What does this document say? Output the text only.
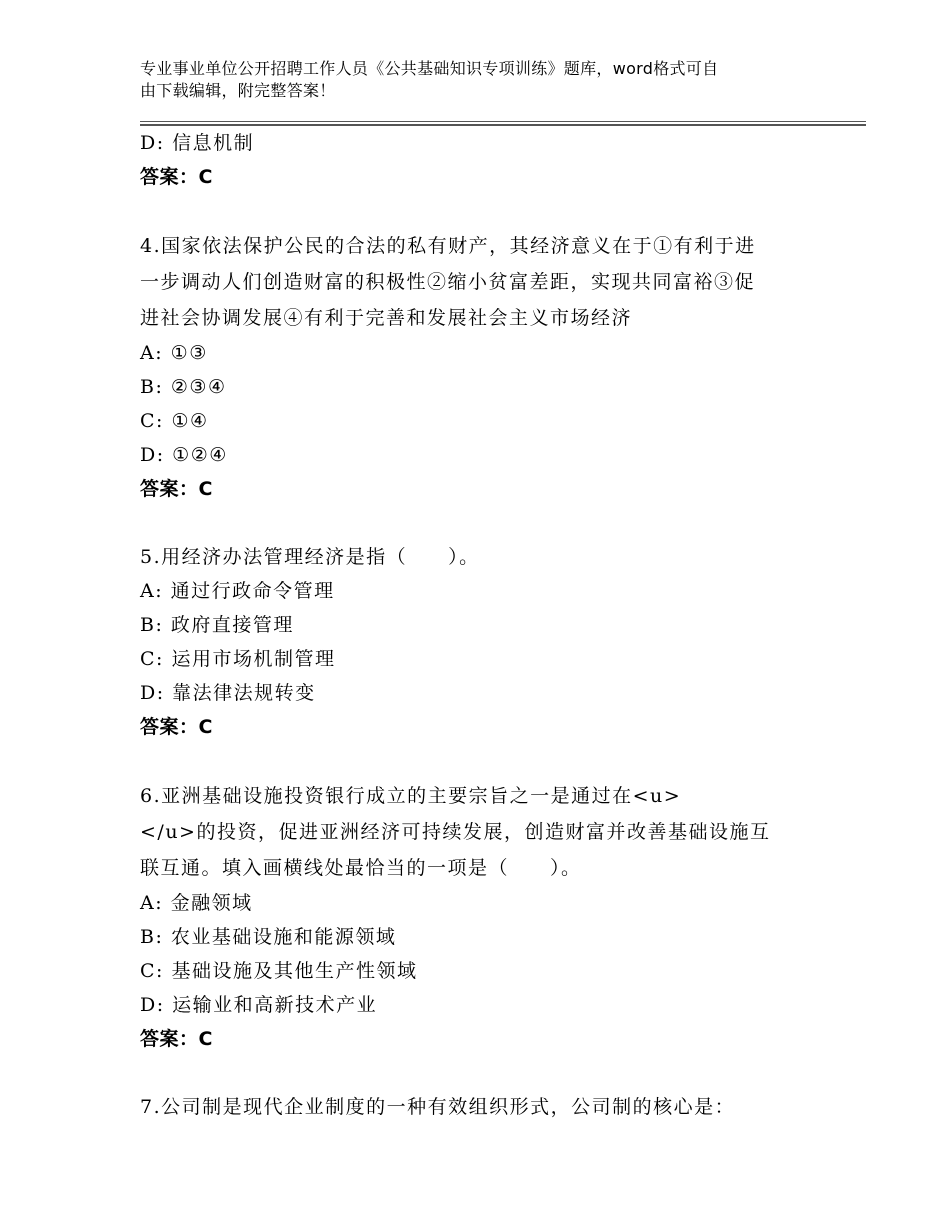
专业事业单位公开招聘工作人员《公共基础知识专项训练》题库，word格式可自
由下载编辑，附完整答案！
D: 信息机制
答案：C
4.国家依法保护公民的合法的私有财产，其经济意义在于①有利于进
一步调动人们创造财富的积极性②缩小贫富差距，实现共同富裕③促
进社会协调发展④有利于完善和发展社会主义市场经济
A: ①③
B: ②③④
C: ①④
D: ①②④
答案：C
5.用经济办法管理经济是指（　　）。
A: 通过行政命令管理
B: 政府直接管理
C: 运用市场机制管理
D: 靠法律法规转变
答案：C
6.亚洲基础设施投资银行成立的主要宗旨之一是通过在<u>
</u>的投资，促进亚洲经济可持续发展，创造财富并改善基础设施互
联互通。填入画横线处最恰当的一项是（　　）。
A: 金融领域
B: 农业基础设施和能源领域
C: 基础设施及其他生产性领域
D: 运输业和高新技术产业
答案：C
7.公司制是现代企业制度的一种有效组织形式，公司制的核心是：
